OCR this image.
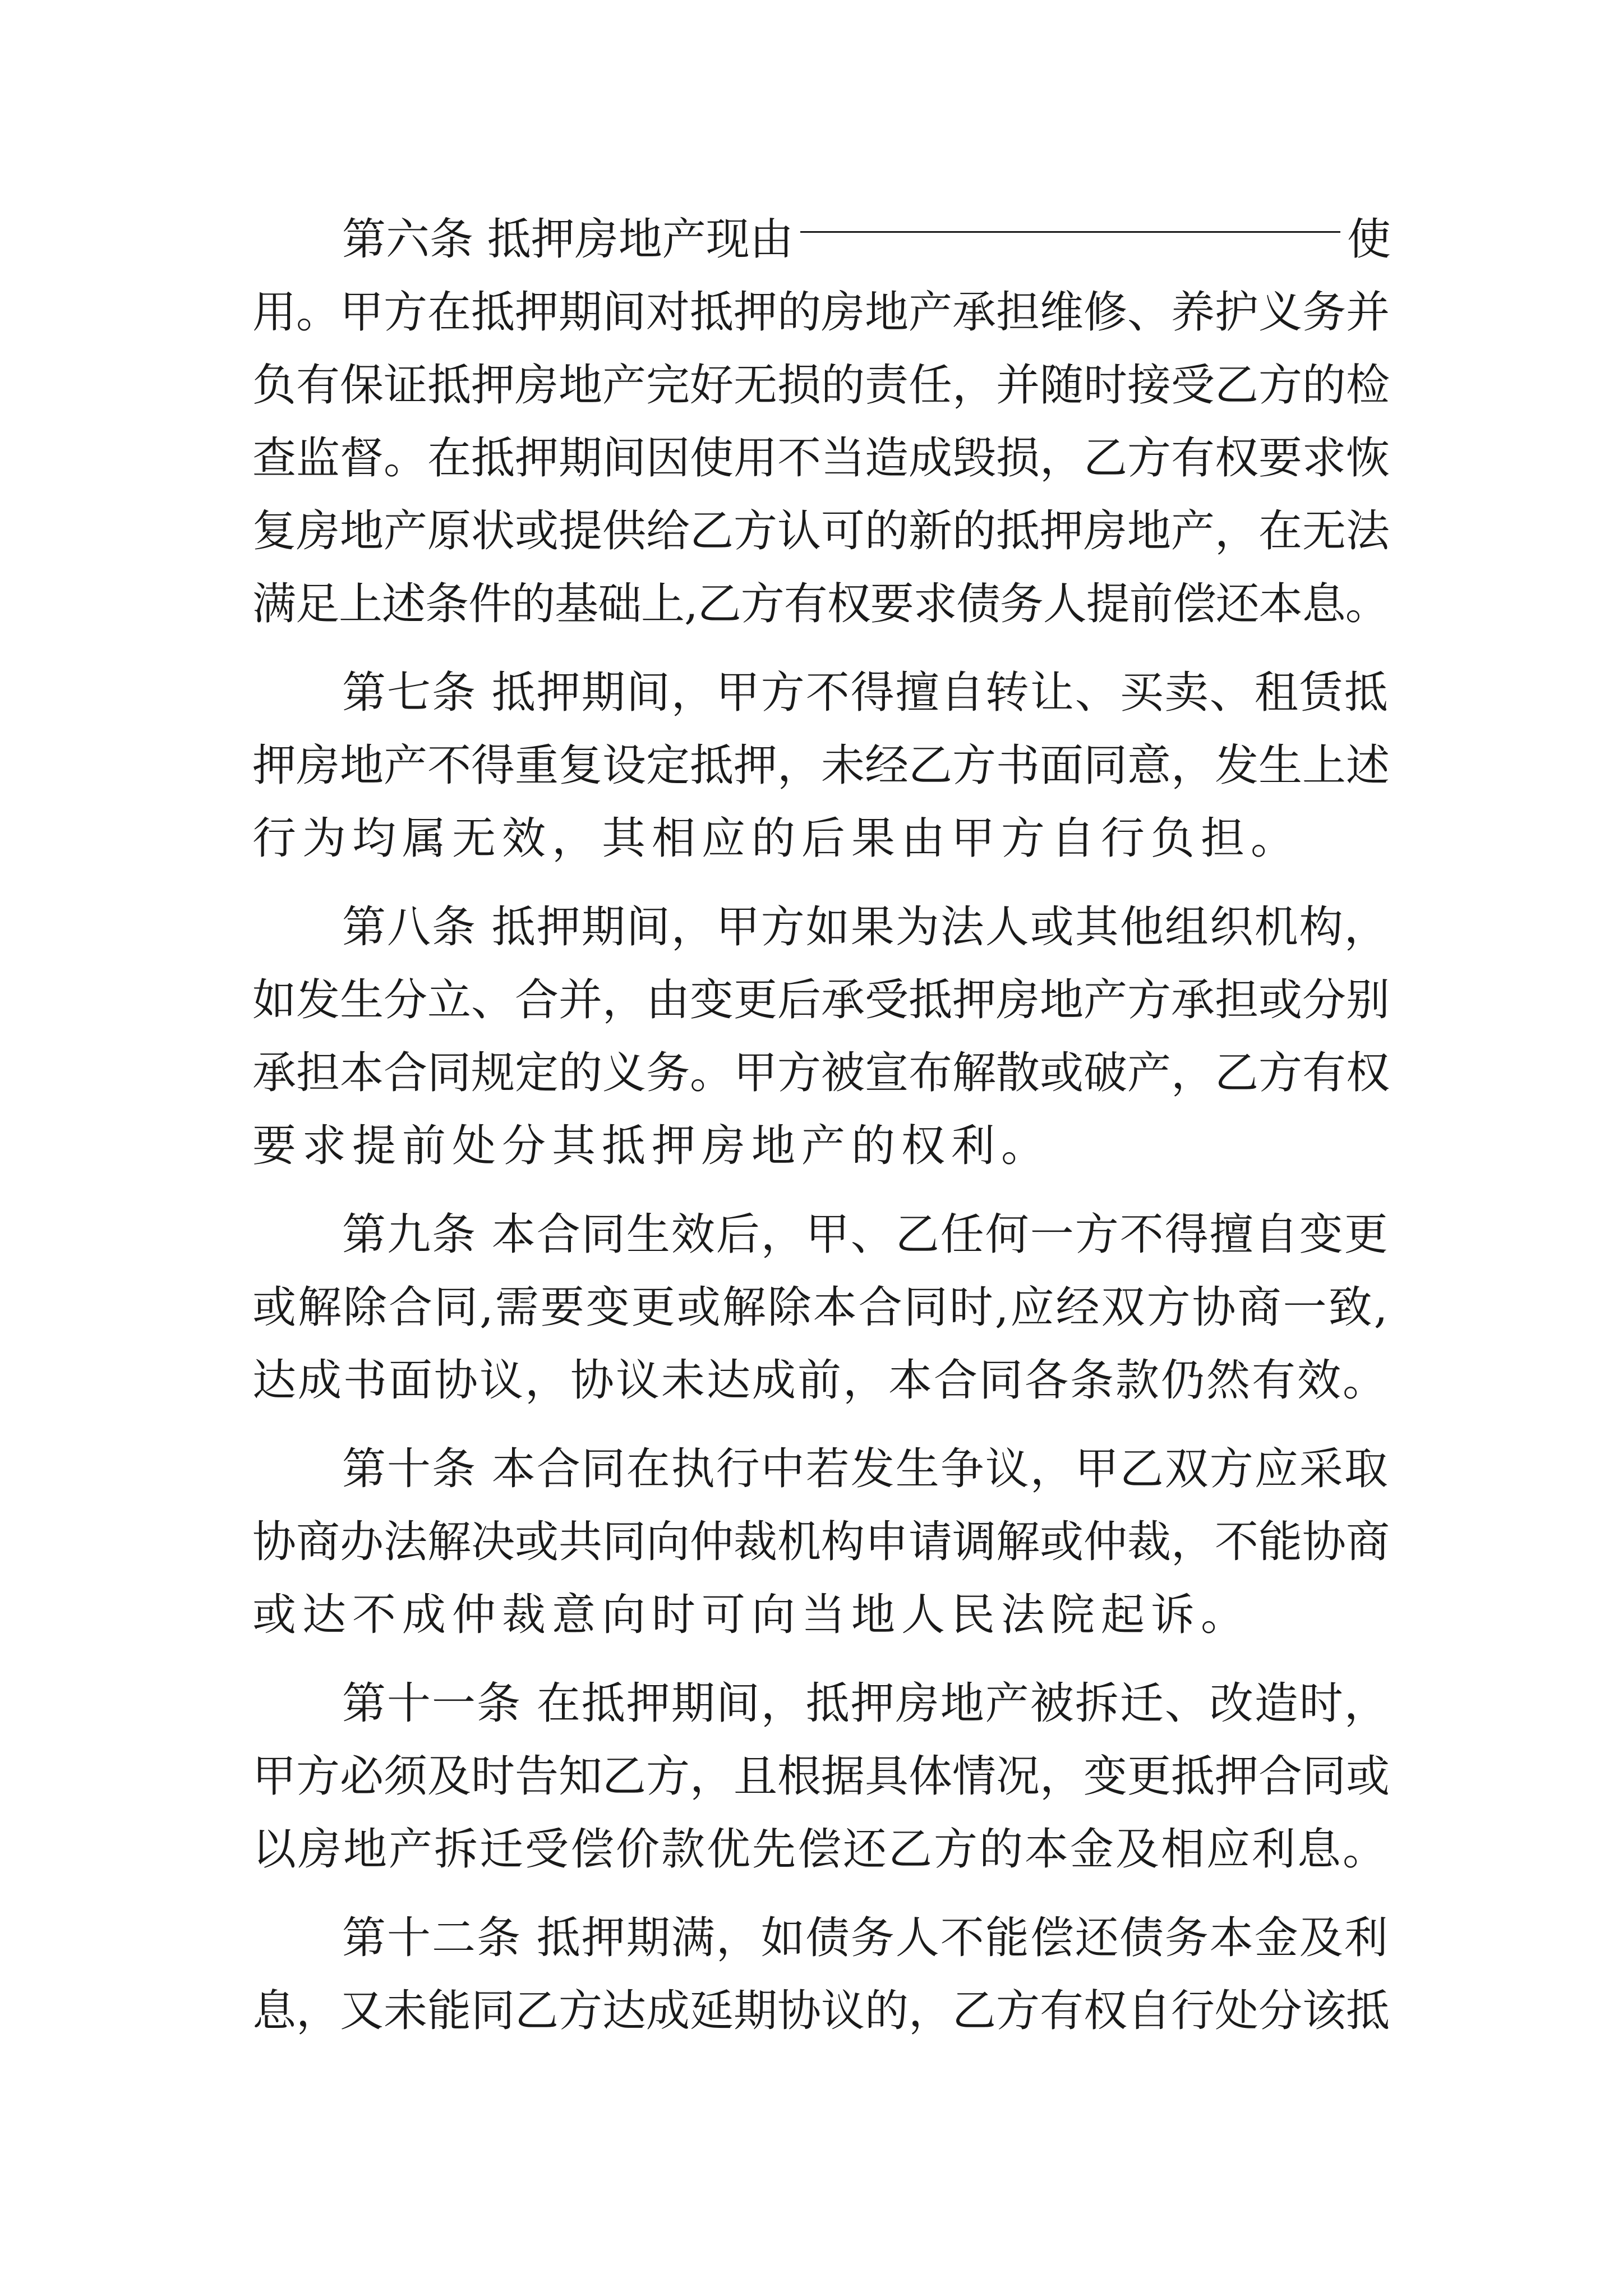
第六条 抵押房地产现由	使
用。甲方在抵押期间对抵押的房地产承担维修、养护义务并
负有保证抵押房地产完好无损的责任，并随时接受乙方的检
查监督。在抵押期间因使用不当造成毁损，乙方有权要求恢
复房地产原状或提供给乙方认可的新的抵押房地产，在无法
满足上述条件的基础上,乙方有权要求债务人提前偿还本息。
第七条 抵押期间，甲方不得擅自转让、买卖、租赁抵
押房地产不得重复设定抵押，未经乙方书面同意，发生上述
行为均属无效，其相应的后果由甲方自行负担。
第八条 抵押期间，甲方如果为法人或其他组织机构，
如发生分立、合并，由变更后承受抵押房地产方承担或分别
承担本合同规定的义务。甲方被宣布解散或破产，乙方有权
要求提前处分其抵押房地产的权利。
第九条 本合同生效后，甲、乙任何一方不得擅自变更
或解除合同,需要变更或解除本合同时,应经双方协商一致,
达成书面协议，协议未达成前，本合同各条款仍然有效。
第十条 本合同在执行中若发生争议，甲乙双方应采取
协商办法解决或共同向仲裁机构申请调解或仲裁，不能协商
或达不成仲裁意向时可向当地人民法院起诉。
第十一条 在抵押期间，抵押房地产被拆迁、改造时，
甲方必须及时告知乙方，且根据具体情况，变更抵押合同或
以房地产拆迁受偿价款优先偿还乙方的本金及相应利息。
第十二条 抵押期满，如债务人不能偿还债务本金及利
息，又未能同乙方达成延期协议的，乙方有权自行处分该抵
